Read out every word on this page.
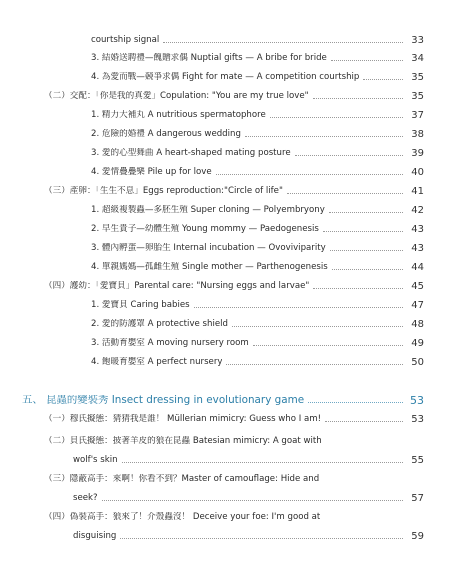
courtship signal	33
3. 結婚送聘禮—餽贈求偶 Nuptial gifts — A bribe for bride	34
4. 為愛而戰—競爭求偶 Fight for mate — A competition courtship	35
（二）交配：「你是我的真愛」Copulation: "You are my true love"	35
1. 精力大補丸 A nutritious spermatophore	37
2. 危險的婚禮 A dangerous wedding	38
3. 愛的心型舞曲 A heart-shaped mating posture	39
4. 愛情疊疊樂 Pile up for love	40
（三）產卵：「生生不息」Eggs reproduction:"Circle of life"	41
1. 超級複製蟲—多胚生殖 Super cloning — Polyembryony	42
2. 早生貴子—幼體生殖 Young mommy — Paedogenesis	43
3. 體內孵蛋—卵胎生 Internal incubation — Ovoviviparity	43
4. 單親媽媽—孤雌生殖 Single mother — Parthenogenesis	44
（四）護幼：「愛寶貝」Parental care: "Nursing eggs and larvae"	45
1. 愛寶貝 Caring babies	47
2. 愛的防護罩 A protective shield	48
3. 活動育嬰室 A moving nursery room	49
4. 飽暖育嬰室 A perfect nursery	50
五、 昆蟲的變裝秀 Insect dressing in evolutionary game	53
（一）穆氏擬態：猜猜我是誰！ Müllerian mimicry: Guess who I am!	53
（二）貝氏擬態：披著羊皮的狼在昆蟲 Batesian mimicry: A goat with
wolf's skin	55
（三）隱蔽高手：來啊！你看不到？Master of camouflage: Hide and
seek?	57
（四）偽裝高手：狼來了！介殼蟲沒！ Deceive your foe: I'm good at
disguising	59
